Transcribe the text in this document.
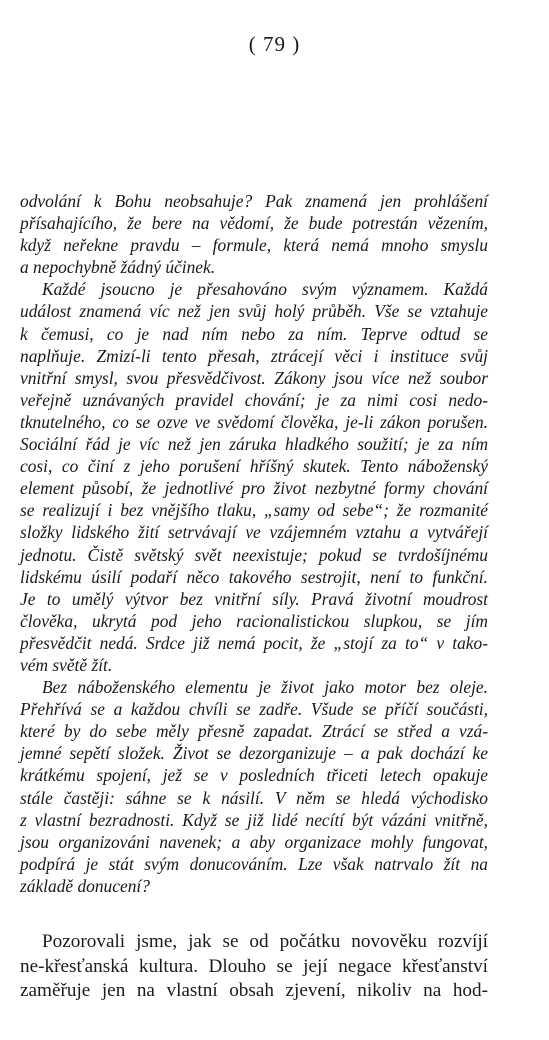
( 79 )
odvolání k Bohu neobsahuje? Pak znamená jen prohlášení
přísahajícího, že bere na vědomí, že bude potrestán vězením,
když neřekne pravdu – formule, která nemá mnoho smyslu
a nepochybně žádný účinek.
Každé jsoucno je přesahováno svým významem. Každá
událost znamená víc než jen svůj holý průběh. Vše se vztahuje
k čemusi, co je nad ním nebo za ním. Teprve odtud se
naplňuje. Zmizí-li tento přesah, ztrácejí věci i instituce svůj
vnitřní smysl, svou přesvědčivost. Zákony jsou více než soubor
veřejně uznávaných pravidel chování; je za nimi cosi nedo-
tknutelného, co se ozve ve svědomí člověka, je-li zákon porušen.
Sociální řád je víc než jen záruka hladkého soužití; je za ním
cosi, co činí z jeho porušení hříšný skutek. Tento náboženský
element působí, že jednotlivé pro život nezbytné formy chování
se realizují i bez vnějšího tlaku, „samy od sebe“; že rozmanité
složky lidského žití setrvávají ve vzájemném vztahu a vytvářejí
jednotu. Čistě světský svět neexistuje; pokud se tvrdošíjnému
lidskému úsilí podaří něco takového sestrojit, není to funkční.
Je to umělý výtvor bez vnitřní síly. Pravá životní moudrost
člověka, ukrytá pod jeho racionalistickou slupkou, se jím
přesvědčit nedá. Srdce již nemá pocit, že „stojí za to“ v tako-
vém světě žít.
Bez náboženského elementu je život jako motor bez oleje.
Přehřívá se a každou chvíli se zadře. Všude se příčí součásti,
které by do sebe měly přesně zapadat. Ztrácí se střed a vzá-
jemné sepětí složek. Život se dezorganizuje – a pak dochází ke
krátkému spojení, jež se v posledních třiceti letech opakuje
stále častěji: sáhne se k násilí. V něm se hledá východisko
z vlastní bezradnosti. Když se již lidé necítí být vázáni vnitřně,
jsou organizováni navenek; a aby organizace mohly fungovat,
podpírá je stát svým donucováním. Lze však natrvalo žít na
základě donucení?
Pozorovali jsme, jak se od počátku novověku rozvíjí
ne-křesťanská kultura. Dlouho se její negace křesťanství
zaměřuje jen na vlastní obsah zjevení, nikoliv na hod-
